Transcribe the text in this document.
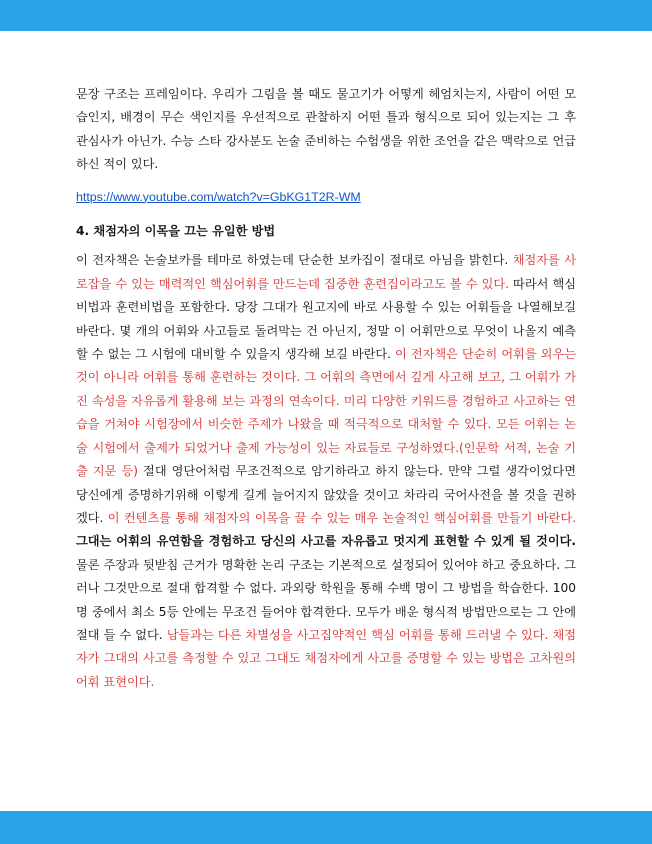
문장 구조는 프레임이다. 우리가 그림을 볼 때도 물고기가 어떻게 헤엄치는지, 사람이 어떤 모습인지, 배경이 무슨 색인지를 우선적으로 관찰하지 어떤 틀과 형식으로 되어 있는지는 그 후 관심사가 아닌가. 수능 스타 강사분도 논술 준비하는 수험생을 위한 조언을 같은 맥락으로 언급하신 적이 있다.

https://www.youtube.com/watch?v=GbKG1T2R-WM

4. 채점자의 이목을 끄는 유일한 방법

이 전자책은 논술보카를 테마로 하였는데 단순한 보카집이 절대로 아님을 밝힌다. 채점자를 사로잡을 수 있는 매력적인 핵심어휘를 만드는데 집중한 훈련집이라고도 볼 수 있다. 따라서 핵심비법과 훈련비법을 포함한다. 당장 그대가 원고지에 바로 사용할 수 있는 어휘들을 나열해보길 바란다. 몇 개의 어휘와 사고들로 돌려막는 건 아닌지, 정말 이 어휘만으로 무엇이 나올지 예측할 수 없는 그 시험에 대비할 수 있을지 생각해 보길 바란다. 이 전자책은 단순히 어휘를 외우는 것이 아니라 어휘를 통해 훈련하는 것이다. 그 어휘의 측면에서 깊게 사고해 보고, 그 어휘가 가진 속성을 자유롭게 활용해 보는 과정의 연속이다. 미리 다양한 키워드를 경험하고 사고하는 연습을 거쳐야 시험장에서 비슷한 주제가 나왔을 때 적극적으로 대처할 수 있다. 모든 어휘는 논술 시험에서 출제가 되었거나 출제 가능성이 있는 자료들로 구성하였다.(인문학 서적, 논술 기출 지문 등) 절대 영단어처럼 무조건적으로 암기하라고 하지 않는다. 만약 그럴 생각이었다면 당신에게 증명하기위해 이렇게 길게 늘어지지 않았을 것이고 차라리 국어사전을 볼 것을 권하겠다. 이 컨텐츠를 통해 채점자의 이목을 끌 수 있는 매우 논술적인 핵심어휘를 만들기 바란다. 그대는 어휘의 유연함을 경험하고 당신의 사고를 자유롭고 멋지게 표현할 수 있게 될 것이다. 물론 주장과 뒷받침 근거가 명확한 논리 구조는 기본적으로 설정되어 있어야 하고 중요하다. 그러나 그것만으로 절대 합격할 수 없다. 과외랑 학원을 통해 수백 명이 그 방법을 학습한다. 100명 중에서 최소 5등 안에는 무조건 들어야 합격한다. 모두가 배운 형식적 방법만으로는 그 안에 절대 들 수 없다. 남들과는 다른 차별성을 사고집약적인 핵심 어휘를 통해 드러낼 수 있다. 채점자가 그대의 사고를 측정할 수 있고 그대도 채점자에게 사고를 증명할 수 있는 방법은 고차원의 어휘 표현이다.
